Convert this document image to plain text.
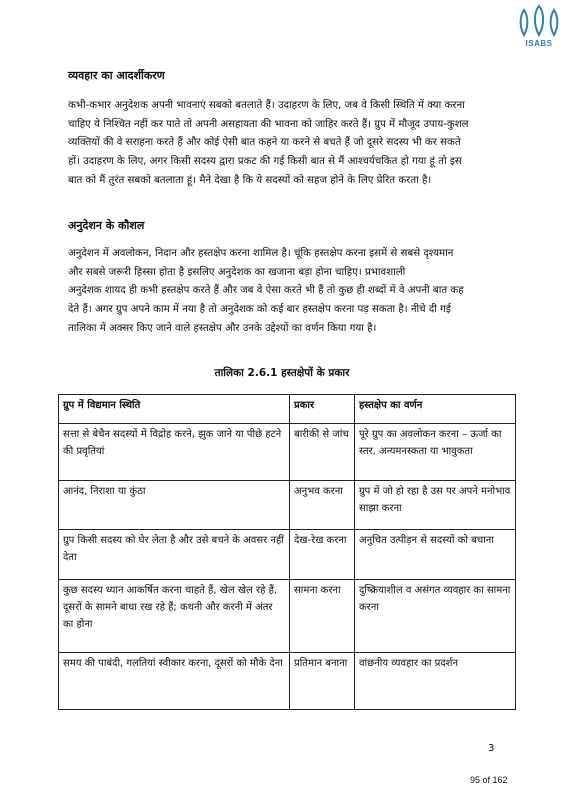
ISABS
व्यवहार का आदर्शीकरण

कभी-कभार अनुदेशक अपनी भावनाएं सबको बतलाते हैं। उदाहरण के लिए, जब वे किसी स्थिति में क्या करना
चाहिए ये निश्चित नहीं कर पाते तो अपनी असहायता की भावना को जाहिर करते हैं। ग्रुप में मौजूद उपाय-कुशल
व्यक्तियों की वे सराहना करते हैं और कोई ऐसी बात कहने या करने से बचते हैं जो दूसरे सदस्य भी कर सकते
हों। उदाहरण के लिए, अगर किसी सदस्य द्वारा प्रकट की गई किसी बात से मैं आश्चर्यचकित हो गया हूं तो इस
बात को मैं तुरंत सबको बतलाता हूं। मैने देखा है कि ये सदस्यों को सहज होने के लिए प्रेरित करता है।

अनुदेशन के कौशल

अनुदेशन में अवलोकन, निदान और हस्तक्षेप करना शामिल है। चूंकि हस्तक्षेप करना इसमें से सबसे दृश्यमान
और सबसे जरूरी हिस्सा होता है इसलिए अनुदेशक का खजाना बड़ा होना चाहिए। प्रभावशाली
अनुदेशक शायद ही कभी हस्तक्षेप करते हैं और जब वे ऐसा करते भी हैं तो कुछ ही शब्दों में वे अपनी बात कह
देते हैं। अगर ग्रुप अपने काम में नया है तो अनुदेशक को कई बार हस्तक्षेप करना पड़ सकता है। नीचे दी गई
तालिका में अक्सर किए जाने वाले हस्तक्षेप और उनके उद्देश्यों का वर्णन किया गया है।

तालिका 2.6.1 हस्तक्षेपों के प्रकार
ग्रुप में विद्यमान स्थिति	प्रकार	हस्तक्षेप का वर्णन
सत्ता से बेचैन सदस्यों में विद्रोह करने, झुक जाने या पीछे हटने की प्रवृतियां	बारीकी से जांच	पूरे ग्रुप का अवलोकन करना – ऊर्जा का स्तर, अन्यमनस्कता या भावुकता
आनंद, निराशा या कुंठा	अनुभव करना	ग्रुप में जो हो रहा है उस पर अपने मनोभाव साझा करना
ग्रुप किसी सदस्य को घेर लेता है और उसे बचने के अवसर नहीं देता	देख-रेख करना	अनुचित उत्पीड़न से सदस्यों को बचाना
कुछ सदस्य ध्यान आकर्षित करना चाहते हैं, खेल खेल रहे हैं, दूसरों के सामने बाधा रख रहे हैं; कथनी और करनी में अंतर का होना	सामना करना	दुष्क्रियाशील व असंगत व्यवहार का सामना करना
समय की पाबंदी, गलतियां स्वीकार करना, दूसरों को मौके देना	प्रतिमान बनाना	वांछनीय व्यवहार का प्रदर्शन
3
95 of 162
